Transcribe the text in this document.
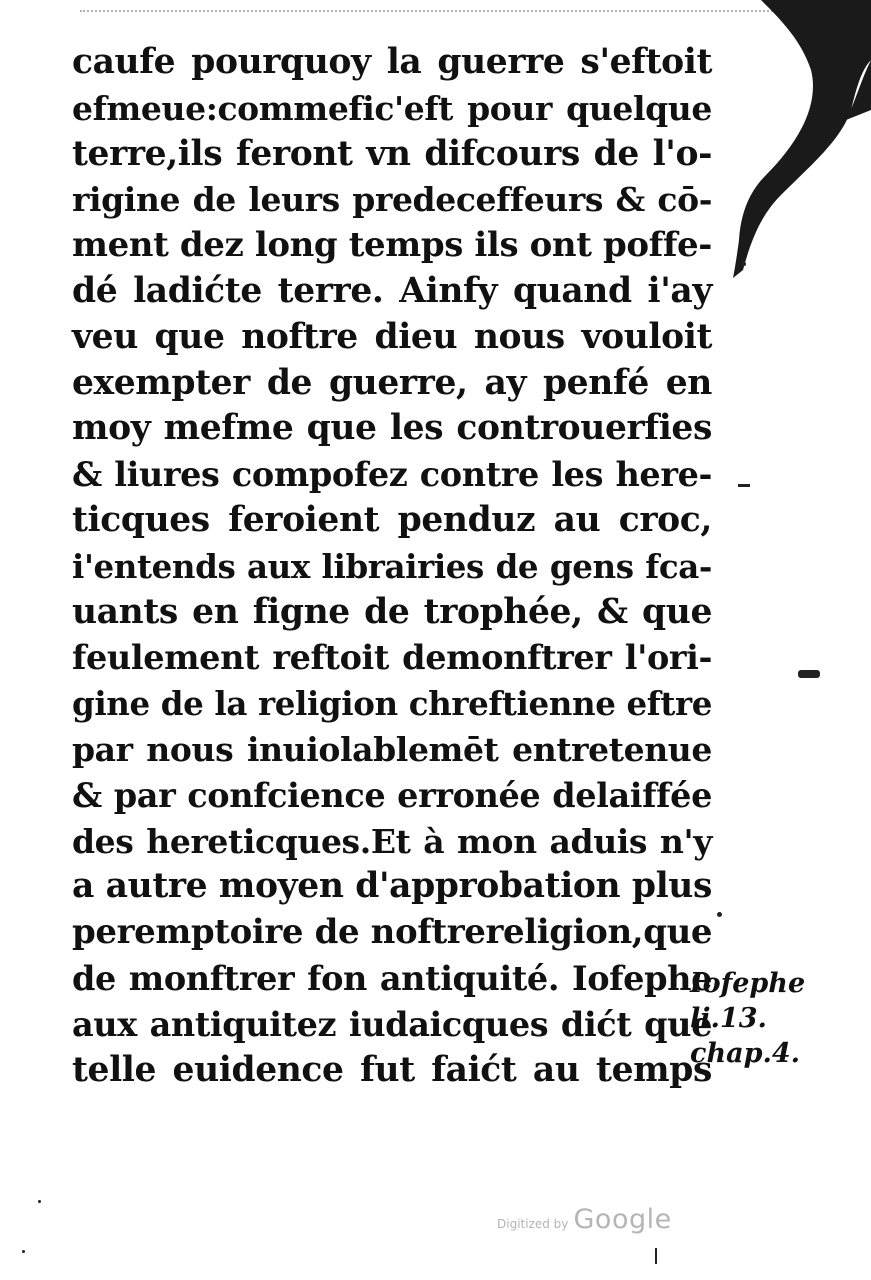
caufe pourquoy la guerre s'eftoit
efmeue:commefic'eft pour quelque
terre,ils feront vn difcours de l'o-
rigine de leurs predeceffeurs & cō-
ment dez long temps ils ont poffe-
dé ladićte terre. Ainfy quand i'ay
veu que noftre dieu nous vouloit
exempter de guerre, ay penfé en
moy mefme que les controuerfies
& liures compofez contre les here-
ticques feroient penduz au croc,
i'entends aux librairies de gens fca-
uants en figne de trophée, & que
feulement reftoit demonftrer l'ori-
gine de la religion chreftienne eftre
par nous inuiolablemēt entretenue
& par confcience erronée delaiffée
des hereticques.Et à mon aduis n'y
a autre moyen d'approbation plus
peremptoire de noftrereligion,que
de monftrer fon antiquité. Iofephe
aux antiquitez iudaicques dićt que
telle euidence fut faićt au temps
Iofephe
li.13.
chap.4.
Digitized by Google
